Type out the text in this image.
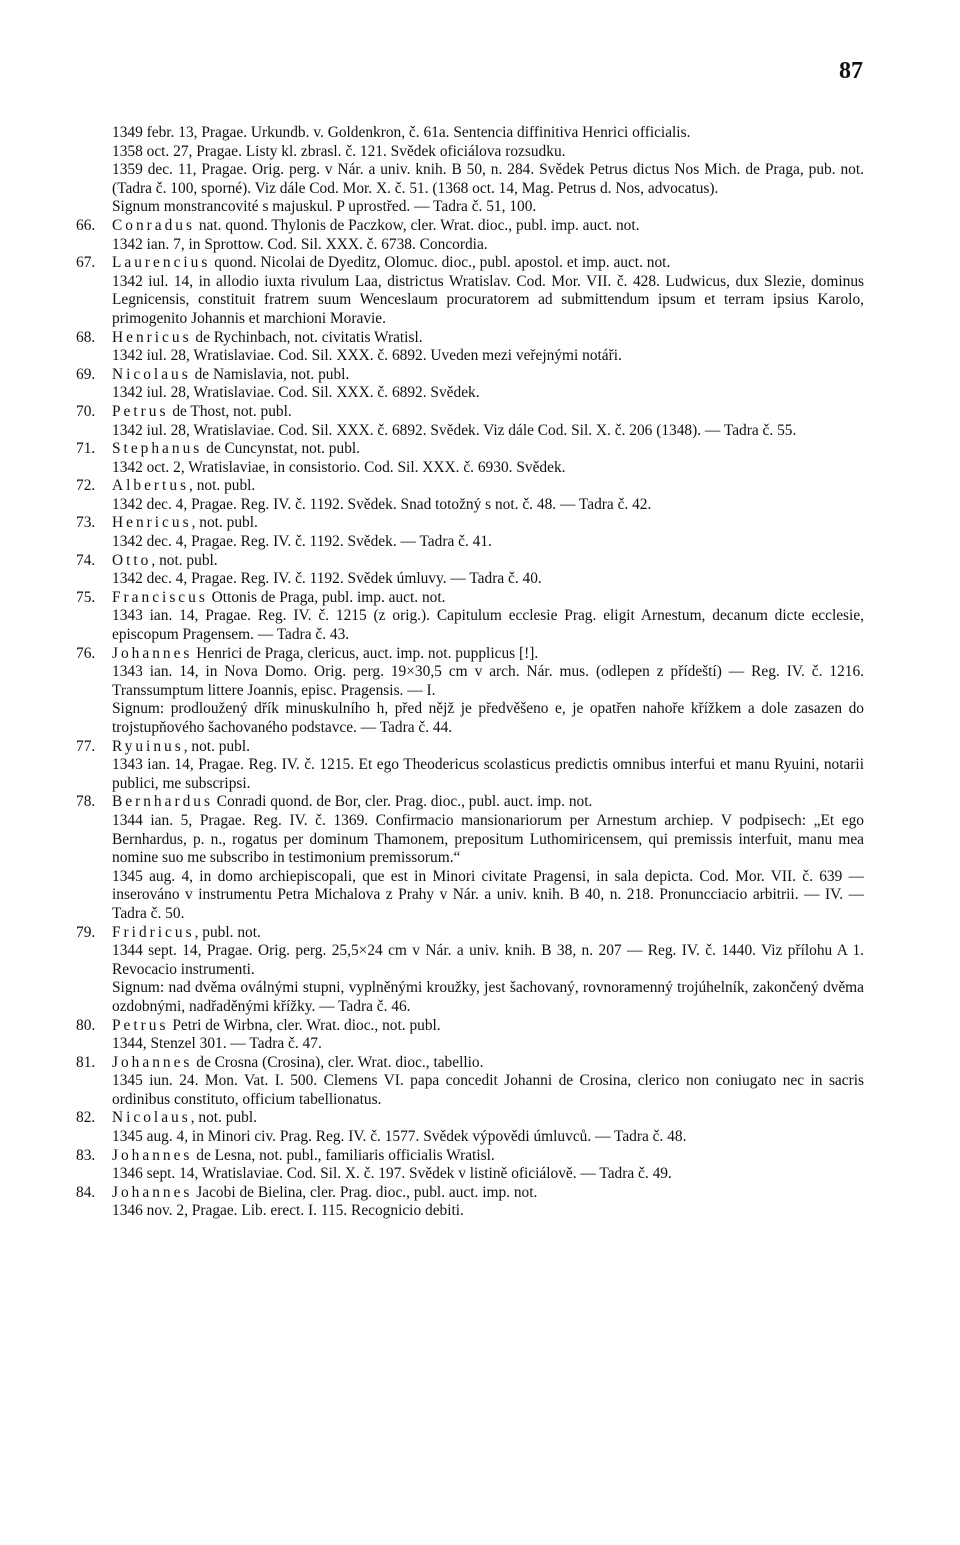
87

1349 febr. 13, Pragae. Urkundb. v. Goldenkron, č. 61a. Sentencia diffinitiva Henrici officialis.

1358 oct. 27, Pragae. Listy kl. zbrasl. č. 121. Svědek oficiálova rozsudku.

1359 dec. 11, Pragae. Orig. perg. v Nár. a univ. knih. B 50, n. 284. Svědek Petrus dictus Nos Mich. de Praga, pub. not. (Tadra č. 100, sporné). Viz dále Cod. Mor. X. č. 51. (1368 oct. 14, Mag. Petrus d. Nos, advocatus).

Signum monstrancovité s majuskul. P uprostřed. — Tadra č. 51, 100.

66.	Conradus nat. quond. Thylonis de Paczkow, cler. Wrat. dioc., publ. imp. auct. not.

1342 ian. 7, in Sprottow. Cod. Sil. XXX. č. 6738. Concordia.

67.	Laurencius quond. Nicolai de Dyeditz, Olomuc. dioc., publ. apostol. et imp. auct. not.

1342 iul. 14, in allodio iuxta rivulum Laa, districtus Wratislav. Cod. Mor. VII. č. 428. Ludwicus, dux Slezie, dominus Legnicensis, constituit fratrem suum Wenceslaum procuratorem ad submittendum ipsum et terram ipsius Karolo, primogenito Johannis et marchioni Moravie.

68.	Henricus de Rychinbach, not. civitatis Wratisl.

1342 iul. 28, Wratislaviae. Cod. Sil. XXX. č. 6892. Uveden mezi veřejnými notáři.

69.	Nicolaus de Namislavia, not. publ.

1342 iul. 28, Wratislaviae. Cod. Sil. XXX. č. 6892. Svědek.

70.	Petrus de Thost, not. publ.

1342 iul. 28, Wratislaviae. Cod. Sil. XXX. č. 6892. Svědek. Viz dále Cod. Sil. X. č. 206 (1348). — Tadra č. 55.

71.	Stephanus de Cuncynstat, not. publ.

1342 oct. 2, Wratislaviae, in consistorio. Cod. Sil. XXX. č. 6930. Svědek.

72.	Albertus, not. publ.

1342 dec. 4, Pragae. Reg. IV. č. 1192. Svědek. Snad totožný s not. č. 48. — Tadra č. 42.

73.	Henricus, not. publ.

1342 dec. 4, Pragae. Reg. IV. č. 1192. Svědek. — Tadra č. 41.

74.	Otto, not. publ.

1342 dec. 4, Pragae. Reg. IV. č. 1192. Svědek úmluvy. — Tadra č. 40.

75.	Franciscus Ottonis de Praga, publ. imp. auct. not.

1343 ian. 14, Pragae. Reg. IV. č. 1215 (z orig.). Capitulum ecclesie Prag. eligit Arnestum, decanum dicte ecclesie, episcopum Pragensem. — Tadra č. 43.

76.	Johannes Henrici de Praga, clericus, auct. imp. not. pupplicus [!].

1343 ian. 14, in Nova Domo. Orig. perg. 19×30,5 cm v arch. Nár. mus. (odlepen z přídeští) — Reg. IV. č. 1216. Transsumptum littere Joannis, episc. Pragensis. — I.

Signum: prodloužený dřík minuskulního h, před nějž je předvěšeno e, je opatřen nahoře křížkem a dole zasazen do trojstupňového šachovaného podstavce. — Tadra č. 44.

77.	Ryuinus, not. publ.

1343 ian. 14, Pragae. Reg. IV. č. 1215. Et ego Theodericus scolasticus predictis omnibus interfui et manu Ryuini, notarii publici, me subscripsi.

78.	Bernhardus Conradi quond. de Bor, cler. Prag. dioc., publ. auct. imp. not.

1344 ian. 5, Pragae. Reg. IV. č. 1369. Confirmacio mansionariorum per Arnestum archiep. V podpisech: „Et ego Bernhardus, p. n., rogatus per dominum Thamonem, prepositum Luthomiricensem, qui premissis interfuit, manu mea nomine suo me subscribo in testimonium premissorum.“

1345 aug. 4, in domo archiepiscopali, que est in Minori civitate Pragensi, in sala depicta. Cod. Mor. VII. č. 639 — inserováno v instrumentu Petra Michalova z Prahy v Nár. a univ. knih. B 40, n. 218. Pronuncciacio arbitrii. — IV. — Tadra č. 50.

79.	Fridricus, publ. not.

1344 sept. 14, Pragae. Orig. perg. 25,5×24 cm v Nár. a univ. knih. B 38, n. 207 — Reg. IV. č. 1440. Viz přílohu A 1. Revocacio instrumenti.

Signum: nad dvěma oválnými stupni, vyplněnými kroužky, jest šachovaný, rovnoramenný trojúhelník, zakončený dvěma ozdobnými, nadřaděnými křížky. — Tadra č. 46.

80.	Petrus Petri de Wirbna, cler. Wrat. dioc., not. publ.

1344, Stenzel 301. — Tadra č. 47.

81.	Johannes de Crosna (Crosina), cler. Wrat. dioc., tabellio.

1345 iun. 24. Mon. Vat. I. 500. Clemens VI. papa concedit Johanni de Crosina, clerico non coniugato nec in sacris ordinibus constituto, officium tabellionatus.

82.	Nicolaus, not. publ.

1345 aug. 4, in Minori civ. Prag. Reg. IV. č. 1577. Svědek výpovědi úmluvců. — Tadra č. 48.

83.	Johannes de Lesna, not. publ., familiaris officialis Wratisl.

1346 sept. 14, Wratislaviae. Cod. Sil. X. č. 197. Svědek v listině oficiálově. — Tadra č. 49.

84.	Johannes Jacobi de Bielina, cler. Prag. dioc., publ. auct. imp. not.

1346 nov. 2, Pragae. Lib. erect. I. 115. Recognicio debiti.
